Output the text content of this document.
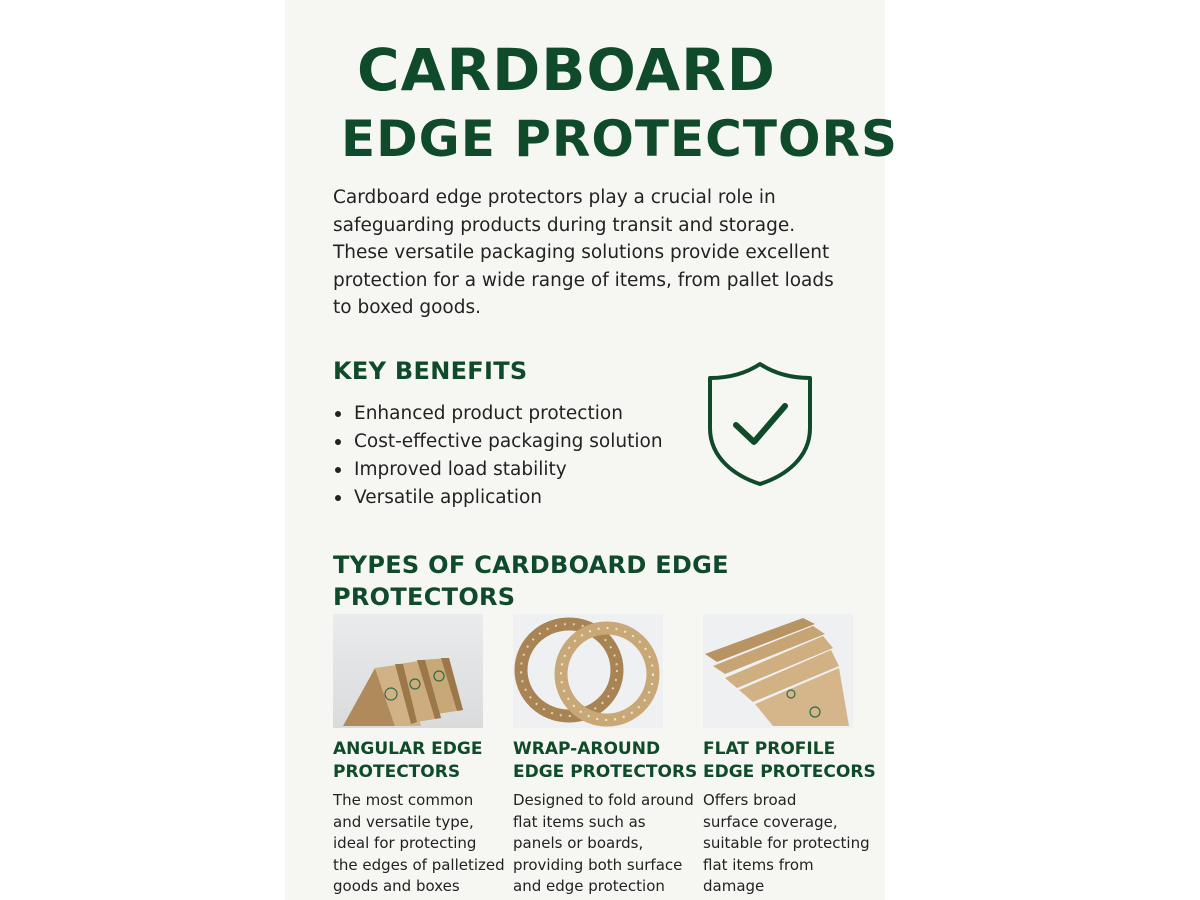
CARDBOARD
EDGE PROTECTORS

Cardboard edge protectors play a crucial role in safeguarding products during transit and storage. These versatile packaging solutions provide excellent protection for a wide range of items, from pallet loads to boxed goods.

KEY BENEFITS
Enhanced product protection
Cost-effective packaging solution
Improved load stability
Versatile application
TYPES OF CARDBOARD EDGE PROTECTORS
ANGULAR EDGE
PROTECTORS

The most common
and versatile type,
ideal for protecting
the edges of palletized
goods and boxes

WRAP-AROUND
EDGE PROTECTORS

Designed to fold around
flat items such as
panels or boards,
providing both surface
and edge protection

FLAT PROFILE
EDGE PROTECORS

Offers broad
surface coverage,
suitable for protecting
flat items from
damage
